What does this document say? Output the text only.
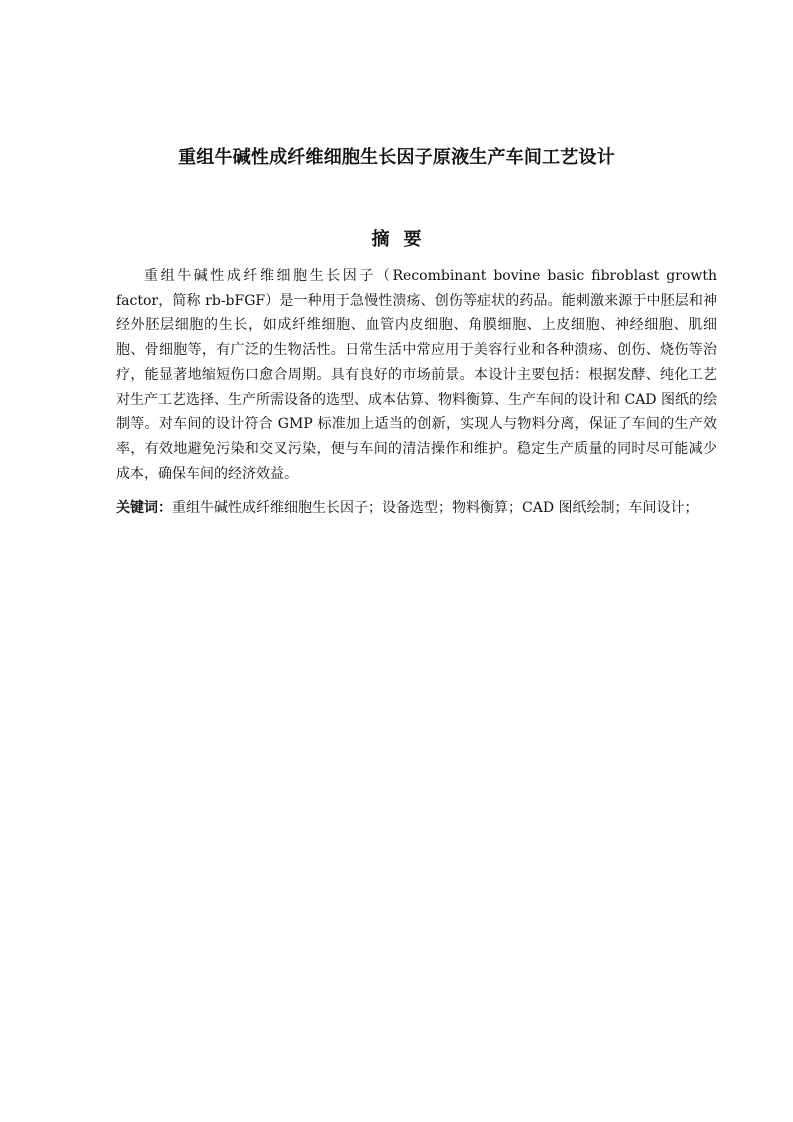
重组牛碱性成纤维细胞生长因子原液生产车间工艺设计
摘要

重组牛碱性成纤维细胞生长因子（Recombinant bovine basic fibroblast growth factor，简称 rb-bFGF）是一种用于急慢性溃疡、创伤等症状的药品。能刺激来源于中胚层和神经外胚层细胞的生长，如成纤维细胞、血管内皮细胞、角膜细胞、上皮细胞、神经细胞、肌细胞、骨细胞等，有广泛的生物活性。日常生活中常应用于美容行业和各种溃疡、创伤、烧伤等治疗，能显著地缩短伤口愈合周期。具有良好的市场前景。本设计主要包括：根据发酵、纯化工艺对生产工艺选择、生产所需设备的选型、成本估算、物料衡算、生产车间的设计和 CAD 图纸的绘制等。对车间的设计符合 GMP 标准加上适当的创新，实现人与物料分离，保证了车间的生产效率，有效地避免污染和交叉污染，便与车间的清洁操作和维护。稳定生产质量的同时尽可能减少成本，确保车间的经济效益。

关键词：重组牛碱性成纤维细胞生长因子；设备选型；物料衡算；CAD 图纸绘制；车间设计；
